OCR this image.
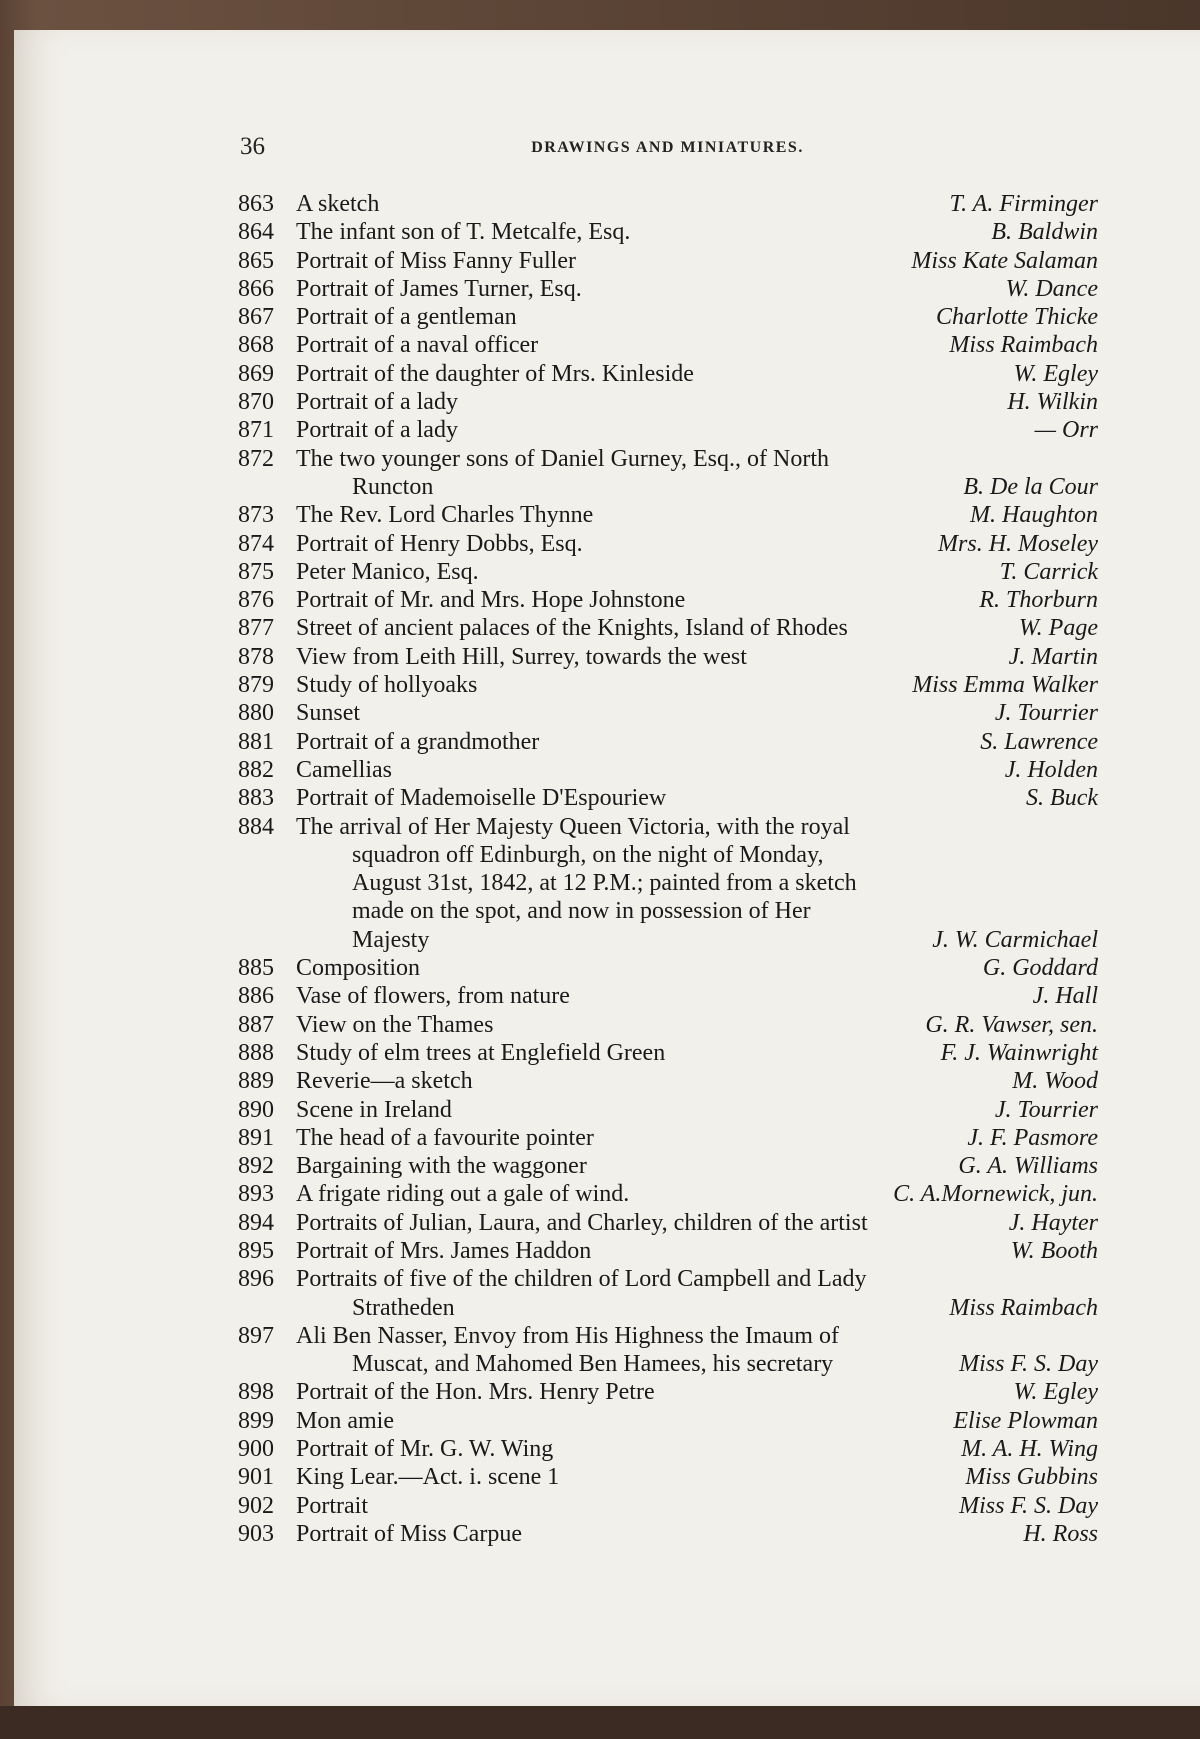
36	DRAWINGS AND MINIATURES.
863 A sketch	T. A. Firminger
864 The infant son of T. Metcalfe, Esq.	B. Baldwin
865 Portrait of Miss Fanny Fuller	Miss Kate Salaman
866 Portrait of James Turner, Esq.	W. Dance
867 Portrait of a gentleman	Charlotte Thicke
868 Portrait of a naval officer	Miss Raimbach
869 Portrait of the daughter of Mrs. Kinleside	W. Egley
870 Portrait of a lady	H. Wilkin
871 Portrait of a lady	— Orr
872 The two younger sons of Daniel Gurney, Esq., of North
Runcton	B. De la Cour
873 The Rev. Lord Charles Thynne	M. Haughton
874 Portrait of Henry Dobbs, Esq.	Mrs. H. Moseley
875 Peter Manico, Esq.	T. Carrick
876 Portrait of Mr. and Mrs. Hope Johnstone	R. Thorburn
877 Street of ancient palaces of the Knights, Island of Rhodes	W. Page
878 View from Leith Hill, Surrey, towards the west	J. Martin
879 Study of hollyoaks	Miss Emma Walker
880 Sunset	J. Tourrier
881 Portrait of a grandmother	S. Lawrence
882 Camellias	J. Holden
883 Portrait of Mademoiselle D'Espouriew	S. Buck
884 The arrival of Her Majesty Queen Victoria, with the royal
squadron off Edinburgh, on the night of Monday,
August 31st, 1842, at 12 P.M.; painted from a sketch
made on the spot, and now in possession of Her
Majesty	J. W. Carmichael
885 Composition	G. Goddard
886 Vase of flowers, from nature	J. Hall
887 View on the Thames	G. R. Vawser, sen.
888 Study of elm trees at Englefield Green	F. J. Wainwright
889 Reverie—a sketch	M. Wood
890 Scene in Ireland	J. Tourrier
891 The head of a favourite pointer	J. F. Pasmore
892 Bargaining with the waggoner	G. A. Williams
893 A frigate riding out a gale of wind.	C. A.Mornewick, jun.
894 Portraits of Julian, Laura, and Charley, children of the artist	J. Hayter
895 Portrait of Mrs. James Haddon	W. Booth
896 Portraits of five of the children of Lord Campbell and Lady
Stratheden	Miss Raimbach
897 Ali Ben Nasser, Envoy from His Highness the Imaum of
Muscat, and Mahomed Ben Hamees, his secretary	Miss F. S. Day
898 Portrait of the Hon. Mrs. Henry Petre	W. Egley
899 Mon amie	Elise Plowman
900 Portrait of Mr. G. W. Wing	M. A. H. Wing
901 King Lear.—Act. i. scene 1	Miss Gubbins
902 Portrait	Miss F. S. Day
903 Portrait of Miss Carpue	H. Ross
